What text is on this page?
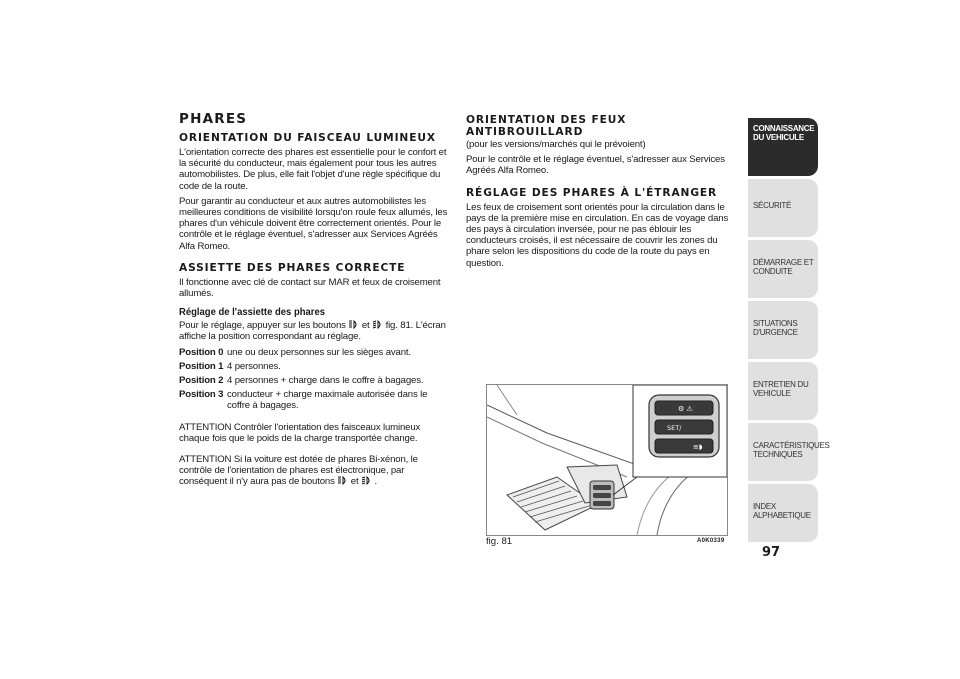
PHARES
ORIENTATION DU FAISCEAU LUMINEUX

L'orientation correcte des phares est essentielle pour le confort et la sécurité du conducteur, mais également pour tous les autres automobilistes. De plus, elle fait l'objet d'une règle spécifique du code de la route.

Pour garantir au conducteur et aux autres automobilistes les meilleures conditions de visibilité lorsqu'on roule feux allumés, les phares d'un véhicule doivent être correctement orientés. Pour le contrôle et le réglage éventuel, s'adresser aux Services Agréés Alfa Romeo.

ASSIETTE DES PHARES CORRECTE

Il fonctionne avec clé de contact sur MAR et feux de croisement allumés.

Réglage de l'assiette des phares

Pour le réglage, appuyer sur les boutons et fig. 81. L'écran affiche la position correspondant au réglage.

Position 0 une ou deux personnes sur les sièges avant.
Position 1 4 personnes.
Position 2 4 personnes + charge dans le coffre à bagages.
Position 3 conducteur + charge maximale autorisée dans le coffre à bagages.

ATTENTION Contrôler l'orientation des faisceaux lumineux chaque fois que le poids de la charge transportée change.

ATTENTION Si la voiture est dotée de phares Bi-xénon, le contrôle de l'orientation de phares est électronique, par conséquent il n'y aura pas de boutons et .

ORIENTATION DES FEUX
ANTIBROUILLARD

(pour les versions/marchés qui le prévoient)

Pour le contrôle et le réglage éventuel, s'adresser aux Services Agréés Alfa Romeo.

RÉGLAGE DES PHARES À L'ÉTRANGER

Les feux de croisement sont orientés pour la circulation dans le pays de la première mise en circulation. En cas de voyage dans des pays à circulation inversée, pour ne pas éblouir les conducteurs croisés, il est nécessaire de couvrir les zones du phare selon les dispositions du code de la route du pays en question.

⚙ ⚠
SET/
≡◗
fig. 81	A0K0339
CONNAISSANCE
DU VEHICULE
SÉCURITÉ
DÉMARRAGE ET
CONDUITE
SITUATIONS
D'URGENCE
ENTRETIEN DU
VEHICULE
CARACTÉRISTIQUES
TECHNIQUES
INDEX
ALPHABETIQUE
97
